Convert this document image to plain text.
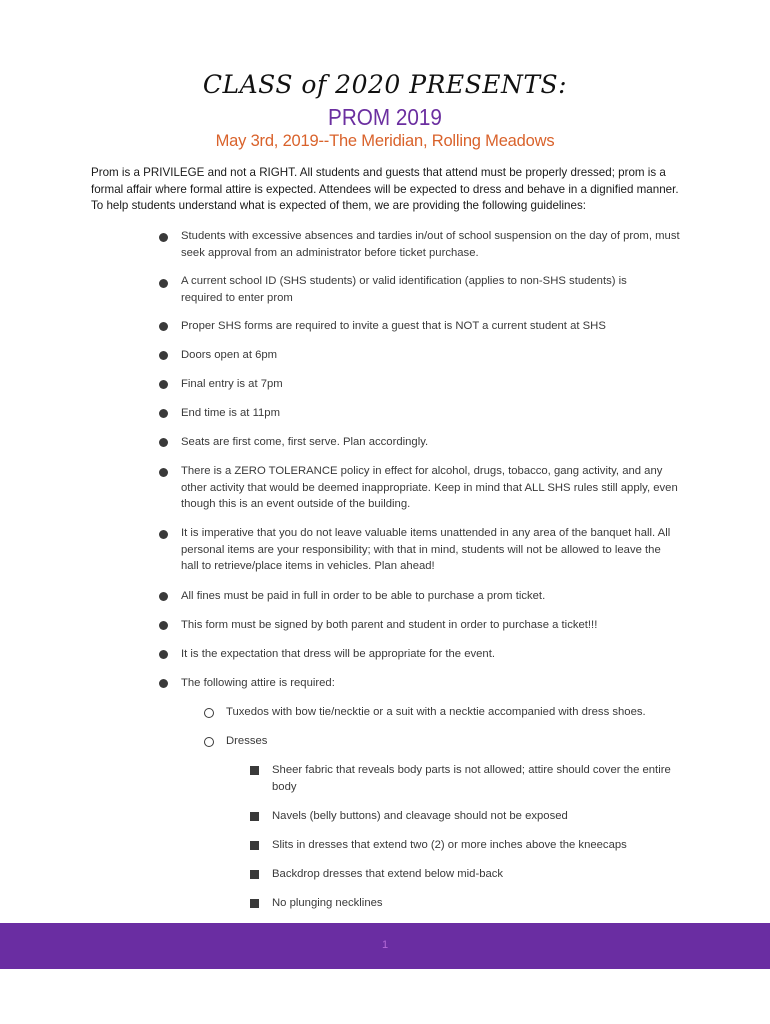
CLASS of 2020 PRESENTS:
PROM 2019
May 3rd, 2019--The Meridian, Rolling Meadows
Prom is a PRIVILEGE and not a RIGHT. All students and guests that attend must be properly dressed; prom is a formal affair where formal attire is expected. Attendees will be expected to dress and behave in a dignified manner. To help students understand what is expected of them, we are providing the following guidelines:
Students with excessive absences and tardies in/out of school suspension on the day of prom, must seek approval from an administrator before ticket purchase.
A current school ID (SHS students) or valid identification (applies to non-SHS students) is required to enter prom
Proper SHS forms are required to invite a guest that is NOT a current student at SHS
Doors open at 6pm
Final entry is at 7pm
End time is at 11pm
Seats are first come, first serve. Plan accordingly.
There is a ZERO TOLERANCE policy in effect for alcohol, drugs, tobacco, gang activity, and any other activity that would be deemed inappropriate. Keep in mind that ALL SHS rules still apply, even though this is an event outside of the building.
It is imperative that you do not leave valuable items unattended in any area of the banquet hall. All personal items are your responsibility; with that in mind, students will not be allowed to leave the hall to retrieve/place items in vehicles. Plan ahead!
All fines must be paid in full in order to be able to purchase a prom ticket.
This form must be signed by both parent and student in order to purchase a ticket!!!
It is the expectation that dress will be appropriate for the event.
The following attire is required:
Tuxedos with bow tie/necktie or a suit with a necktie accompanied with dress shoes.
Dresses
Sheer fabric that reveals body parts is not allowed; attire should cover the entire body
Navels (belly buttons) and cleavage should not be exposed
Slits in dresses that extend two (2) or more inches above the kneecaps
Backdrop dresses that extend below mid-back
No plunging necklines
1
